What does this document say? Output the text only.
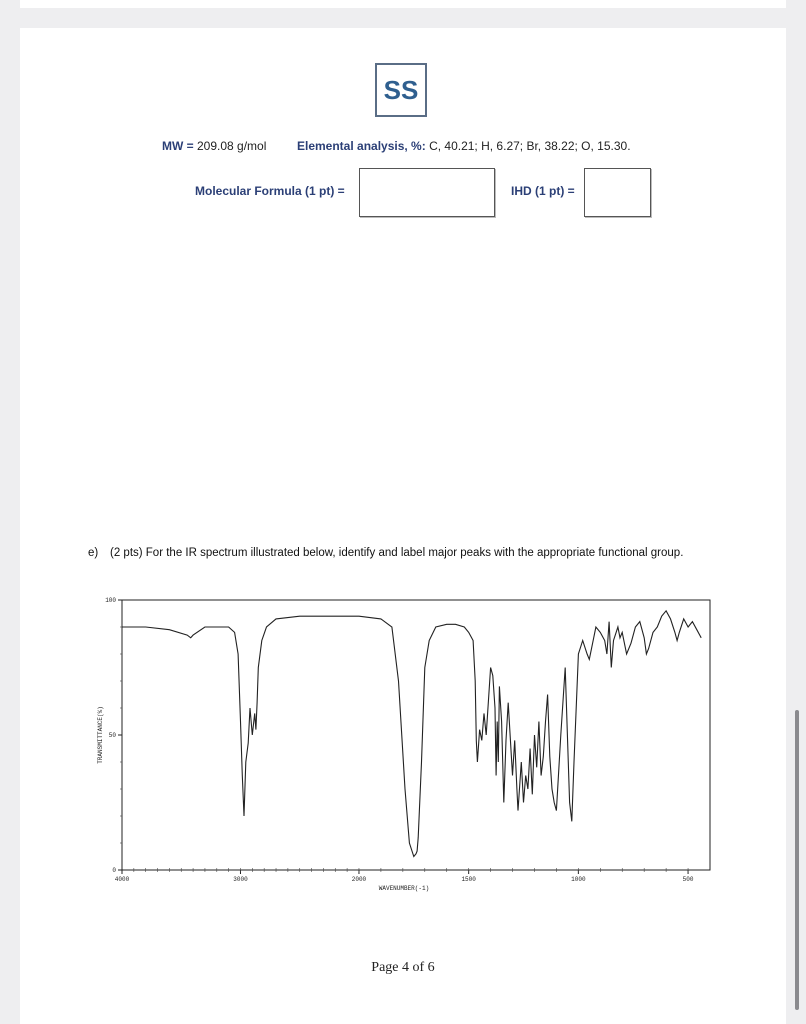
SS
MW = 209.08 g/mol	Elemental analysis, %: C, 40.21; H, 6.27; Br, 38.22; O, 15.30.
Molecular Formula (1 pt) =	IHD (1 pt) =
e) (2 pts) For the IR spectrum illustrated below, identify and label major peaks with the appropriate functional group.
4000	3000	2000	1500	1000	500
100
50
0
WAVENUMBER(-1)
TRANSMITTANCE(%)
Page 4 of 6
